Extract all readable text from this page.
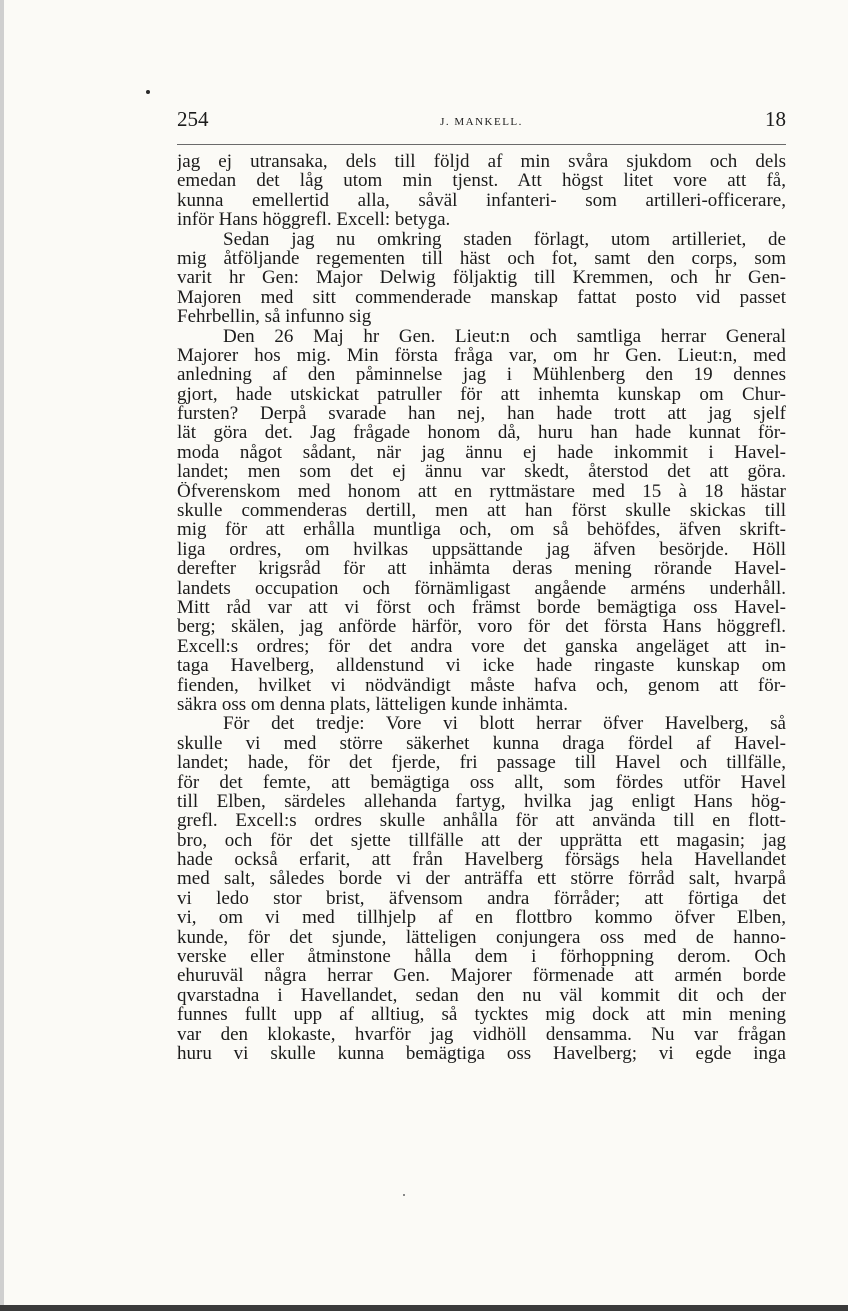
254	J. MANKELL.	18
jag ej utransaka, dels till följd af min svåra sjukdom och dels
emedan det låg utom min tjenst. Att högst litet vore att få,
kunna emellertid alla, såväl infanteri- som artilleri-officerare,
inför Hans höggrefl. Excell: betyga.
Sedan jag nu omkring staden förlagt, utom artilleriet, de
mig åtföljande regementen till häst och fot, samt den corps, som
varit hr Gen: Major Delwig följaktig till Kremmen, och hr Gen-
Majoren med sitt commenderade manskap fattat posto vid passet
Fehrbellin, så infunno sig
Den 26 Maj hr Gen. Lieut:n och samtliga herrar General
Majorer hos mig. Min första fråga var, om hr Gen. Lieut:n, med
anledning af den påminnelse jag i Mühlenberg den 19 dennes
gjort, hade utskickat patruller för att inhemta kunskap om Chur-
fursten? Derpå svarade han nej, han hade trott att jag sjelf
lät göra det. Jag frågade honom då, huru han hade kunnat för-
moda något sådant, när jag ännu ej hade inkommit i Havel-
landet; men som det ej ännu var skedt, återstod det att göra.
Öfverenskom med honom att en ryttmästare med 15 à 18 hästar
skulle commenderas dertill, men att han först skulle skickas till
mig för att erhålla muntliga och, om så behöfdes, äfven skrift-
liga ordres, om hvilkas uppsättande jag äfven besörjde. Höll
derefter krigsråd för att inhämta deras mening rörande Havel-
landets occupation och förnämligast angående arméns underhåll.
Mitt råd var att vi först och främst borde bemägtiga oss Havel-
berg; skälen, jag anförde härför, voro för det första Hans höggrefl.
Excell:s ordres; för det andra vore det ganska angeläget att in-
taga Havelberg, alldenstund vi icke hade ringaste kunskap om
fienden, hvilket vi nödvändigt måste hafva och, genom att för-
säkra oss om denna plats, lätteligen kunde inhämta.
För det tredje: Vore vi blott herrar öfver Havelberg, så
skulle vi med större säkerhet kunna draga fördel af Havel-
landet; hade, för det fjerde, fri passage till Havel och tillfälle,
för det femte, att bemägtiga oss allt, som fördes utför Havel
till Elben, särdeles allehanda fartyg, hvilka jag enligt Hans hög-
grefl. Excell:s ordres skulle anhålla för att använda till en flott-
bro, och för det sjette tillfälle att der upprätta ett magasin; jag
hade också erfarit, att från Havelberg försägs hela Havellandet
med salt, således borde vi der anträffa ett större förråd salt, hvarpå
vi ledo stor brist, äfvensom andra förråder; att förtiga det
vi, om vi med tillhjelp af en flottbro kommo öfver Elben,
kunde, för det sjunde, lätteligen conjungera oss med de hanno-
verske eller åtminstone hålla dem i förhoppning derom. Och
ehuruväl några herrar Gen. Majorer förmenade att armén borde
qvarstadna i Havellandet, sedan den nu väl kommit dit och der
funnes fullt upp af alltiug, så tycktes mig dock att min mening
var den klokaste, hvarför jag vidhöll densamma. Nu var frågan
huru vi skulle kunna bemägtiga oss Havelberg; vi egde inga
